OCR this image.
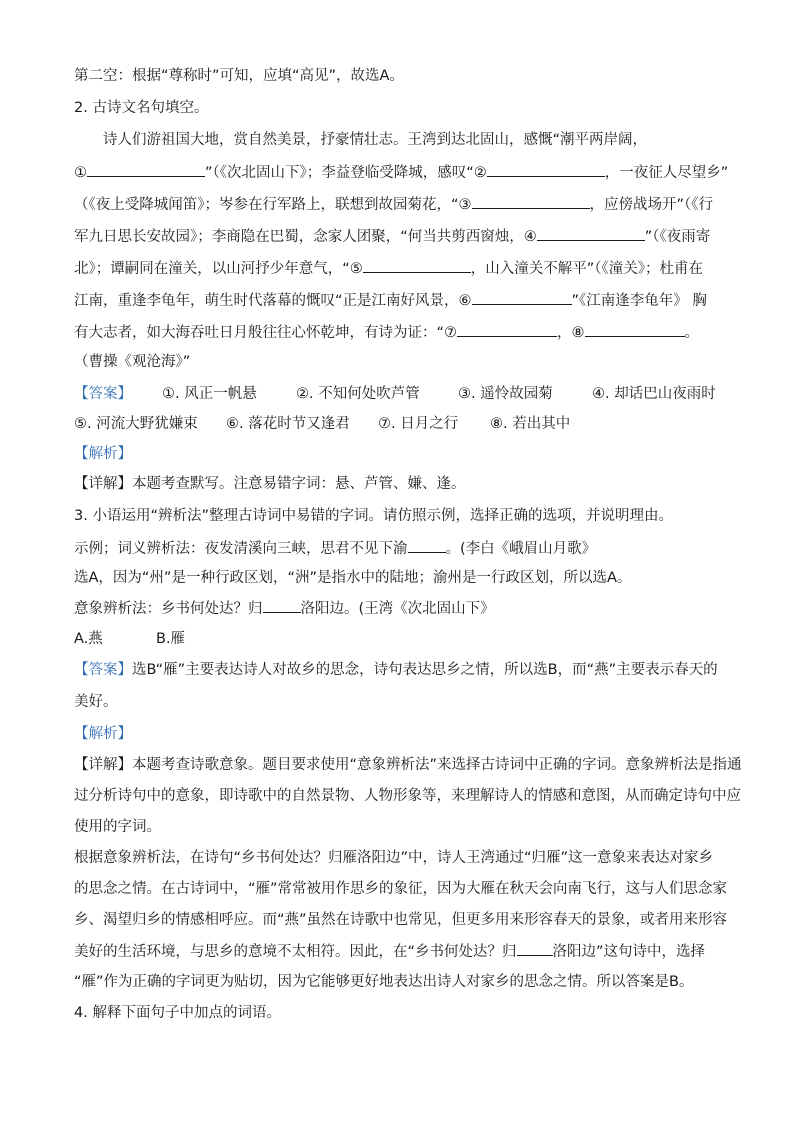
第二空：根据“尊称时”可知，应填“高见”，故选A。
2. 古诗文名句填空。
诗人们游祖国大地，赏自然美景，抒豪情壮志。王湾到达北固山，感慨“潮平两岸阔，
①	”（《次北固山下》；李益登临受降城，感叹“②	，一夜征人尽望乡”
（《夜上受降城闻笛》；岑参在行军路上，联想到故园菊花，“③	，应傍战场开”（《行
军九日思长安故园》；李商隐在巴蜀，念家人团聚，“何当共剪西窗烛，④	”（《夜雨寄
北》；谭嗣同在潼关，以山河抒少年意气，“⑤	，山入潼关不解平”（《潼关》；杜甫在
江南，重逢李龟年，萌生时代落幕的慨叹“正是江南好风景，⑥	”《江南逢李龟年》 胸
有大志者，如大海吞吐日月般往往心怀乾坤，有诗为证：“⑦	，⑧	。
（曹操《观沧海》”
【答案】 ①. 风正一帆悬	②. 不知何处吹芦管	③. 遥怜故园菊	④. 却话巴山夜雨时
⑤. 河流大野犹嫌束 ⑥. 落花时节又逢君 ⑦. 日月之行 ⑧. 若出其中
【解析】
【详解】本题考查默写。注意易错字词：悬、芦管、嫌、逢。
3. 小语运用“辨析法”整理古诗词中易错的字词。请仿照示例，选择正确的选项，并说明理由。
示例；词义辨析法：夜发清溪向三峡，思君不见下渝	。(李白《峨眉山月歌》
选A，因为“州”是一种行政区划，“洲”是指水中的陆地；渝州是一行政区划，所以选A。
意象辨析法：乡书何处达？归	洛阳边。(王湾《次北固山下》
A.燕	B.雁
【答案】选B“雁”主要表达诗人对故乡的思念，诗句表达思乡之情，所以选B，而“燕”主要表示春天的
美好。
【解析】
【详解】本题考查诗歌意象。题目要求使用“意象辨析法”来选择古诗词中正确的字词。意象辨析法是指通
过分析诗句中的意象，即诗歌中的自然景物、人物形象等，来理解诗人的情感和意图，从而确定诗句中应
使用的字词。
根据意象辨析法，在诗句“乡书何处达？归雁洛阳边”中，诗人王湾通过“归雁”这一意象来表达对家乡
的思念之情。在古诗词中，“雁”常常被用作思乡的象征，因为大雁在秋天会向南飞行，这与人们思念家
乡、渴望归乡的情感相呼应。而“燕”虽然在诗歌中也常见，但更多用来形容春天的景象，或者用来形容
美好的生活环境，与思乡的意境不太相符。因此，在“乡书何处达？归 洛阳边”这句诗中，选择
“雁”作为正确的字词更为贴切，因为它能够更好地表达出诗人对家乡的思念之情。所以答案是B。
4. 解释下面句子中加点的词语。
